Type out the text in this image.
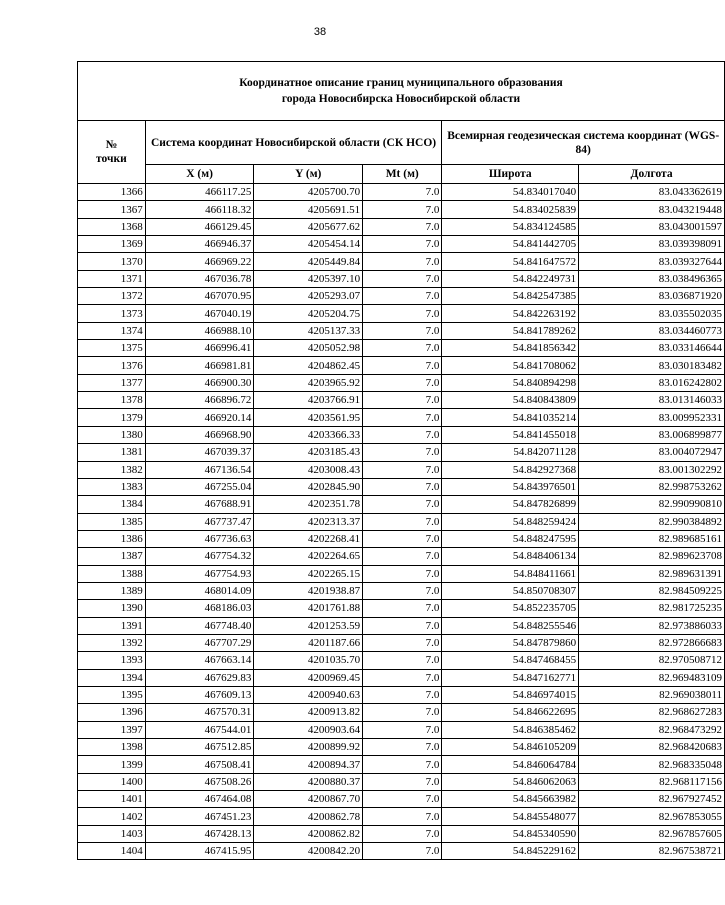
38
Координатное описание границ муниципального образования
города Новосибирска Новосибирской области					

№
точки	Система координат Новосибирской области (СК НСО)			Всемирная геодезическая система координат (WGS-84)	
	X (м)	Y (м)	Mt (м)	Широта	Долгота
1366	466117.25	4205700.70	7.0	54.834017040	83.043362619
1367	466118.32	4205691.51	7.0	54.834025839	83.043219448
1368	466129.45	4205677.62	7.0	54.834124585	83.043001597
1369	466946.37	4205454.14	7.0	54.841442705	83.039398091
1370	466969.22	4205449.84	7.0	54.841647572	83.039327644
1371	467036.78	4205397.10	7.0	54.842249731	83.038496365
1372	467070.95	4205293.07	7.0	54.842547385	83.036871920
1373	467040.19	4205204.75	7.0	54.842263192	83.035502035
1374	466988.10	4205137.33	7.0	54.841789262	83.034460773
1375	466996.41	4205052.98	7.0	54.841856342	83.033146644
1376	466981.81	4204862.45	7.0	54.841708062	83.030183482
1377	466900.30	4203965.92	7.0	54.840894298	83.016242802
1378	466896.72	4203766.91	7.0	54.840843809	83.013146033
1379	466920.14	4203561.95	7.0	54.841035214	83.009952331
1380	466968.90	4203366.33	7.0	54.841455018	83.006899877
1381	467039.37	4203185.43	7.0	54.842071128	83.004072947
1382	467136.54	4203008.43	7.0	54.842927368	83.001302292
1383	467255.04	4202845.90	7.0	54.843976501	82.998753262
1384	467688.91	4202351.78	7.0	54.847826899	82.990990810
1385	467737.47	4202313.37	7.0	54.848259424	82.990384892
1386	467736.63	4202268.41	7.0	54.848247595	82.989685161
1387	467754.32	4202264.65	7.0	54.848406134	82.989623708
1388	467754.93	4202265.15	7.0	54.848411661	82.989631391
1389	468014.09	4201938.87	7.0	54.850708307	82.984509225
1390	468186.03	4201761.88	7.0	54.852235705	82.981725235
1391	467748.40	4201253.59	7.0	54.848255546	82.973886033
1392	467707.29	4201187.66	7.0	54.847879860	82.972866683
1393	467663.14	4201035.70	7.0	54.847468455	82.970508712
1394	467629.83	4200969.45	7.0	54.847162771	82.969483109
1395	467609.13	4200940.63	7.0	54.846974015	82.969038011
1396	467570.31	4200913.82	7.0	54.846622695	82.968627283
1397	467544.01	4200903.64	7.0	54.846385462	82.968473292
1398	467512.85	4200899.92	7.0	54.846105209	82.968420683
1399	467508.41	4200894.37	7.0	54.846064784	82.968335048
1400	467508.26	4200880.37	7.0	54.846062063	82.968117156
1401	467464.08	4200867.70	7.0	54.845663982	82.967927452
1402	467451.23	4200862.78	7.0	54.845548077	82.967853055
1403	467428.13	4200862.82	7.0	54.845340590	82.967857605
1404	467415.95	4200842.20	7.0	54.845229162	82.967538721
